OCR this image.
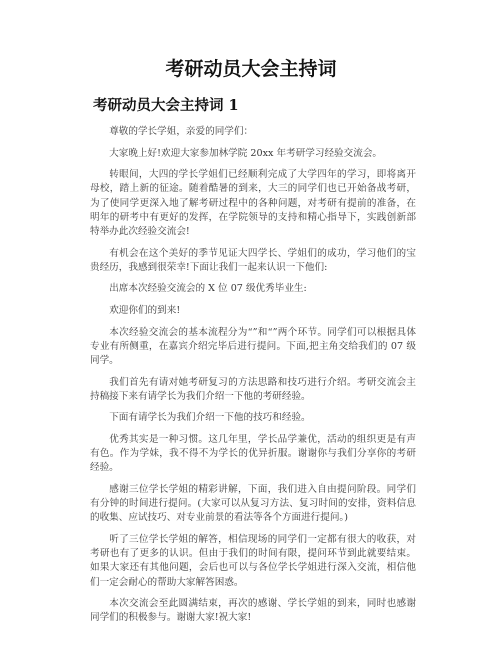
考研动员大会主持词
考研动员大会主持词 1

尊敬的学长学姐，亲爱的同学们：

大家晚上好!欢迎大家参加林学院 20xx 年考研学习经验交流会。

转眼间，大四的学长学姐们已经顺利完成了大学四年的学习，即将离开母校，踏上新的征途。随着酷暑的到来，大三的同学们也已开始备战考研，为了使同学更深入地了解考研过程中的各种问题，对考研有提前的准备，在明年的研考中有更好的发挥，在学院领导的支持和精心指导下，实践创新部特举办此次经验交流会!

有机会在这个美好的季节见证大四学长、学姐们的成功，学习他们的宝贵经历，我感到很荣幸!下面让我们一起来认识一下他们:

出席本次经验交流会的 X 位 07 级优秀毕业生:

欢迎你们的到来!

本次经验交流会的基本流程分为“”和“”两个环节。同学们可以根据具体专业有所侧重，在嘉宾介绍完毕后进行提问。下面,把主角交给我们的 07 级同学。

我们首先有请对她考研复习的方法思路和技巧进行介绍。考研交流会主持稿接下来有请学长为我们介绍一下他的考研经验。

下面有请学长为我们介绍一下他的技巧和经验。

优秀其实是一种习惯。这几年里，学长品学兼优，活动的组织更是有声有色。作为学妹，我不得不为学长的优异折服。谢谢你与我们分享你的考研经验。

感谢三位学长学姐的精彩讲解，下面，我们进入自由提问阶段。同学们有分钟的时间进行提问。(大家可以从复习方法、复习时间的安排，资料信息的收集、应试技巧、对专业前景的看法等各个方面进行提问。)

听了三位学长学姐的解答，相信现场的同学们一定都有很大的收获，对考研也有了更多的认识。但由于我们的时间有限，提问环节到此就要结束。如果大家还有其他问题，会后也可以与各位学长学姐进行深入交流，相信他们一定会耐心的帮助大家解答困惑。

本次交流会至此圆满结束，再次的感谢、学长学姐的到来，同时也感谢同学们的积极参与。谢谢大家!祝大家!
